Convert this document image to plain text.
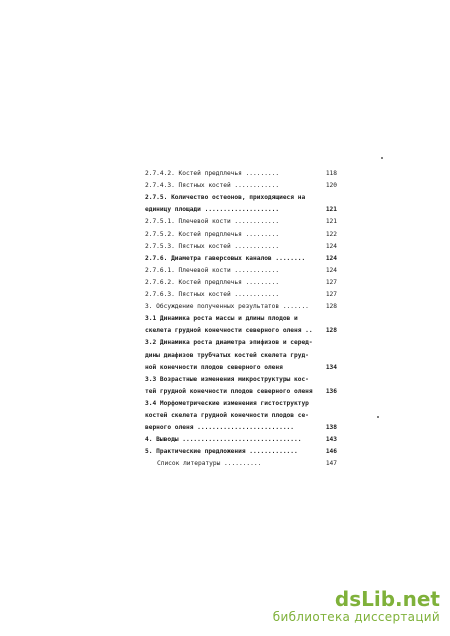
2.7.4.2. Костей предплечья .........	118
2.7.4.3. Пястных костей ............	120
2.7.5. Количество остеонов, приходящиеся на
единицу площади ....................	121
2.7.5.1. Плечевой кости ............	121
2.7.5.2. Костей предплечья .........	122
2.7.5.3. Пястных костей ............	124
2.7.6. Диаметра гаверсовых каналов ........	124
2.7.6.1. Плечевой кости ............	124
2.7.6.2. Костей предплечья .........	127
2.7.6.3. Пястных костей ............	127
3. Обсуждение полученных результатов .......	128
3.1 Динамика роста массы и длины плодов и
скелета грудной конечности северного оленя .. 128
3.2 Динамика роста диаметра эпифизов и серед-
дины диафизов трубчатых костей скелета груд-
ной конечности плодов северного оленя	134
3.3 Возрастные изменения микроструктуры кос-
тей грудной конечности плодов северного оленя 136
3.4 Морфометрические изменения гистоструктур
костей скелета грудной конечности плодов се-
верного оленя ..........................	138
4. Выводы ................................	143
5. Практические предложения .............	146
Список литературы ..........	147
dsLib.net
библиотека диссертаций
